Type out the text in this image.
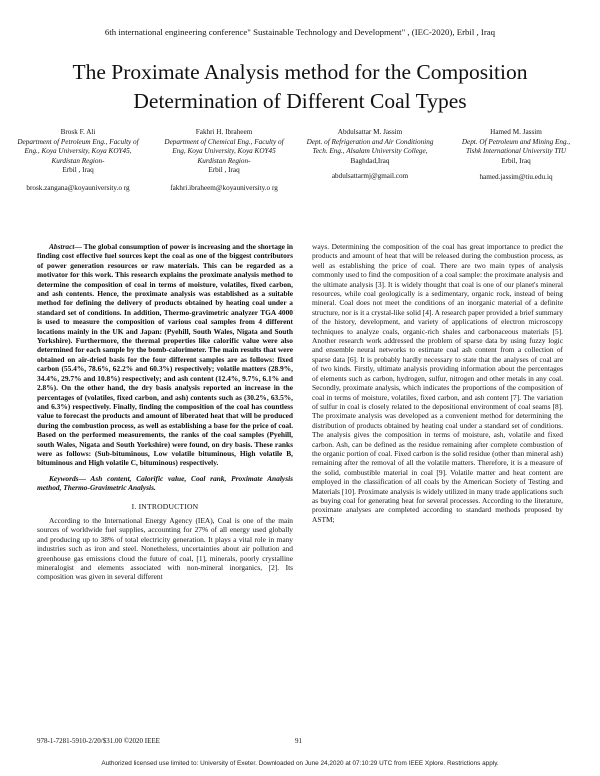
6th international engineering conference" Sustainable Technology and Development" , (IEC-2020), Erbil , Iraq
The Proximate Analysis method for the Composition
Determination of Different Coal Types
Brosk F. Ali
Department of Petroleum Eng., Faculty of Eng., Koya University, Koya KOY45, Kurdistan Region-
Erbil , Iraq
brosk.zangana@koyauniversity.o rg
Fakhri H. Ibraheem
Department of Chemical Eng., Faculty of Eng, Koya University, Koya KOY45 Kurdistan Region-
Erbil , Iraq
fakhri.ibraheem@koyauniversity.o rg
Abdulsattar M. Jassim
Dept. of Refrigeration and Air Conditioning Tech. Eng., Alsalam University College,
Baghdad,Iraq
abdulsattarmj@gmail.com
Hamed M. Jassim
Dept. Of Petroleum and Mining Eng., Tishk International University TIU
Erbil, Iraq
hamed.jassim@tiu.edu.iq

Abstract— The global consumption of power is increasing and the shortage in finding cost effective fuel sources kept the coal as one of the biggest contributors of power generation resources or raw materials. This can be regarded as a motivator for this work. This research explains the proximate analysis method to determine the composition of coal in terms of moisture, volatiles, fixed carbon, and ash contents. Hence, the proximate analysis was established as a suitable method for defining the delivery of products obtained by heating coal under a standard set of conditions. In addition, Thermo-gravimetric analyzer TGA 4000 is used to measure the composition of various coal samples from 4 different locations mainly in the UK and Japan: (Pyehill, South Wales, Nigata and South Yorkshire). Furthermore, the thermal properties like calorific value were also determined for each sample by the bomb-calorimeter. The main results that were obtained on air-dried basis for the four different samples are as follows: fixed carbon (55.4%, 78.6%, 62.2% and 60.3%) respectively; volatile matters (28.9%, 34.4%, 29.7% and 10.8%) respectively; and ash content (12.4%, 9.7%, 6.1% and 2.8%). On the other hand, the dry basis analysis reported an increase in the percentages of (volatiles, fixed carbon, and ash) contents such as (30.2%, 63.5%, and 6.3%) respectively. Finally, finding the composition of the coal has countless value to forecast the products and amount of liberated heat that will be produced during the combustion process, as well as establishing a base for the price of coal. Based on the performed measurements, the ranks of the coal samples (Pyehill, south Wales, Nigata and South Yorkshire) were found, on dry basis. These ranks were as follows: (Sub-bituminous, Low volatile bituminous, High volatile B, bituminous and High volatile C, bituminous) respectively.

Keywords— Ash content, Calorific value, Coal rank, Proximate Analysis method, Thermo-Gravimetric Analysis.

I. INTRODUCTION

According to the International Energy Agency (IEA), Coal is one of the main sources of worldwide fuel supplies, accounting for 27% of all energy used globally and producing up to 38% of total electricity generation. It plays a vital role in many industries such as iron and steel. Nonetheless, uncertainties about air pollution and greenhouse gas emissions cloud the future of coal, [1], minerals, poorly crystalline mineralogist and elements associated with non-mineral inorganics, [2]. Its composition was given in several different

ways. Determining the composition of the coal has great importance to predict the products and amount of heat that will be released during the combustion process, as well as establishing the price of coal. There are two main types of analysis commonly used to find the composition of a coal sample: the proximate analysis and the ultimate analysis [3]. It is widely thought that coal is one of our planet's mineral resources, while coal geologically is a sedimentary, organic rock, instead of being mineral. Coal does not meet the conditions of an inorganic material of a definite structure, nor is it a crystal-like solid [4]. A research paper provided a brief summary of the history, development, and variety of applications of electron microscopy techniques to analyze coals, organic-rich shales and carbonaceous materials [5]. Another research work addressed the problem of sparse data by using fuzzy logic and ensemble neural networks to estimate coal ash content from a collection of sparse data [6]. It is probably hardly necessary to state that the analyses of coal are of two kinds. Firstly, ultimate analysis providing information about the percentages of elements such as carbon, hydrogen, sulfur, nitrogen and other metals in any coal. Secondly, proximate analysis, which indicates the proportions of the composition of coal in terms of moisture, volatiles, fixed carbon, and ash content [7]. The variation of sulfur in coal is closely related to the depositional environment of coal seams [8]. The proximate analysis was developed as a convenient method for determining the distribution of products obtained by heating coal under a standard set of conditions. The analysis gives the composition in terms of moisture, ash, volatile and fixed carbon. Ash, can be defined as the residue remaining after complete combustion of the organic portion of coal. Fixed carbon is the solid residue (other than mineral ash) remaining after the removal of all the volatile matters. Therefore, it is a measure of the solid, combustible material in coal [9]. Volatile matter and heat content are employed in the classification of all coals by the American Society of Testing and Materials [10]. Proximate analysis is widely utilized in many trade applications such as buying coal for generating heat for several processes. According to the literature, proximate analyses are completed according to standard methods proposed by ASTM;

978-1-7281-5910-2/20/$31.00 ©2020 IEEE	91
Authorized licensed use limited to: University of Exeter. Downloaded on June 24,2020 at 07:10:29 UTC from IEEE Xplore. Restrictions apply.
